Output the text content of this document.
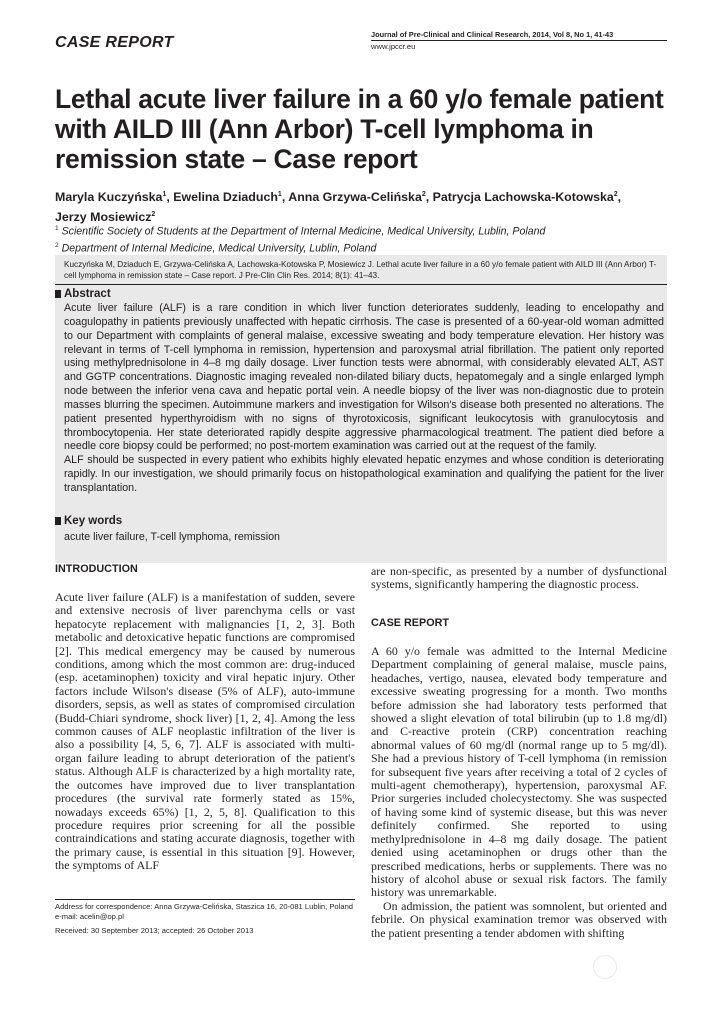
CASE REPORT	Journal of Pre-Clinical and Clinical Research, 2014, Vol 8, No 1, 41-43
www.jpccr.eu
Lethal acute liver failure in a 60 y/o female patient with AILD III (Ann Arbor) T-cell lymphoma in remission state – Case report
Maryla Kuczyńska$^1$, Ewelina Dziaduch$^1$, Anna Grzywa-Celińska$^2$, Patrycja Lachowska-Kotowska$^2$,
Jerzy Mosiewicz$^2$
$^1$ Scientific Society of Students at the Department of Internal Medicine, Medical University, Lublin, Poland
$^2$ Department of Internal Medicine, Medical University, Lublin, Poland
Kuczyńska M, Dziaduch E, Grzywa-Celińska A, Lachowska-Kotowska P, Mosiewicz J. Lethal acute liver failure in a 60 y/o female patient with AILD III (Ann Arbor) T-cell lymphoma in remission state – Case report. J Pre-Clin Clin Res. 2014; 8(1): 41–43.
Abstract

Acute liver failure (ALF) is a rare condition in which liver function deteriorates suddenly, leading to encelopathy and coagulopathy in patients previously unaffected with hepatic cirrhosis. The case is presented of a 60-year-old woman admitted to our Department with complaints of general malaise, excessive sweating and body temperature elevation. Her history was relevant in terms of T-cell lymphoma in remission, hypertension and paroxysmal atrial fibrillation. The patient only reported using methylprednisolone in 4–8 mg daily dosage. Liver function tests were abnormal, with considerably elevated ALT, AST and GGTP concentrations. Diagnostic imaging revealed non-dilated biliary ducts, hepatomegaly and a single enlarged lymph node between the inferior vena cava and hepatic portal vein. A needle biopsy of the liver was non-diagnostic due to protein masses blurring the specimen. Autoimmune markers and investigation for Wilson's disease both presented no alterations. The patient presented hyperthyroidism with no signs of thyrotoxicosis, significant leukocytosis with granulocytosis and thrombocytopenia. Her state deteriorated rapidly despite aggressive pharmacological treatment. The patient died before a needle core biopsy could be performed; no post-mortem examination was carried out at the request of the family.

ALF should be suspected in every patient who exhibits highly elevated hepatic enzymes and whose condition is deteriorating rapidly. In our investigation, we should primarily focus on histopathological examination and qualifying the patient for the liver transplantation.

Key words
acute liver failure, T-cell lymphoma, remission
INTRODUCTION

Acute liver failure (ALF) is a manifestation of sudden, severe and extensive necrosis of liver parenchyma cells or vast hepatocyte replacement with malignancies [1, 2, 3]. Both metabolic and detoxicative hepatic functions are compromised [2]. This medical emergency may be caused by numerous conditions, among which the most common are: drug-induced (esp. acetaminophen) toxicity and viral hepatic injury. Other factors include Wilson's disease (5% of ALF), auto-immune disorders, sepsis, as well as states of compromised circulation (Budd-Chiari syndrome, shock liver) [1, 2, 4]. Among the less common causes of ALF neoplastic infiltration of the liver is also a possibility [4, 5, 6, 7]. ALF is associated with multi-organ failure leading to abrupt deterioration of the patient's status. Although ALF is characterized by a high mortality rate, the outcomes have improved due to liver transplantation procedures (the survival rate formerly stated as 15%, nowadays exceeds 65%) [1, 2, 5, 8]. Qualification to this procedure requires prior screening for all the possible contraindications and stating accurate diagnosis, together with the primary cause, is essential in this situation [9]. However, the symptoms of ALF

are non-specific, as presented by a number of dysfunctional systems, significantly hampering the diagnostic process.

CASE REPORT

A 60 y/o female was admitted to the Internal Medicine Department complaining of general malaise, muscle pains, headaches, vertigo, nausea, elevated body temperature and excessive sweating progressing for a month. Two months before admission she had laboratory tests performed that showed a slight elevation of total bilirubin (up to 1.8 mg/dl) and C-reactive protein (CRP) concentration reaching abnormal values of 60 mg/dl (normal range up to 5 mg/dl). She had a previous history of T-cell lymphoma (in remission for subsequent five years after receiving a total of 2 cycles of multi-agent chemotherapy), hypertension, paroxysmal AF. Prior surgeries included cholecystectomy. She was suspected of having some kind of systemic disease, but this was never definitely confirmed. She reported to using methylprednisolone in 4–8 mg daily dosage. The patient denied using acetaminophen or drugs other than the prescribed medications, herbs or supplements. There was no history of alcohol abuse or sexual risk factors. The family history was unremarkable.

On admission, the patient was somnolent, but oriented and febrile. On physical examination tremor was observed with the patient presenting a tender abdomen with shifting

Address for correspondence: Anna Grzywa-Celińska, Staszica 16, 20-081 Lublin, Poland

e-mail: acelin@op.pl

Received: 30 September 2013; accepted: 26 October 2013
